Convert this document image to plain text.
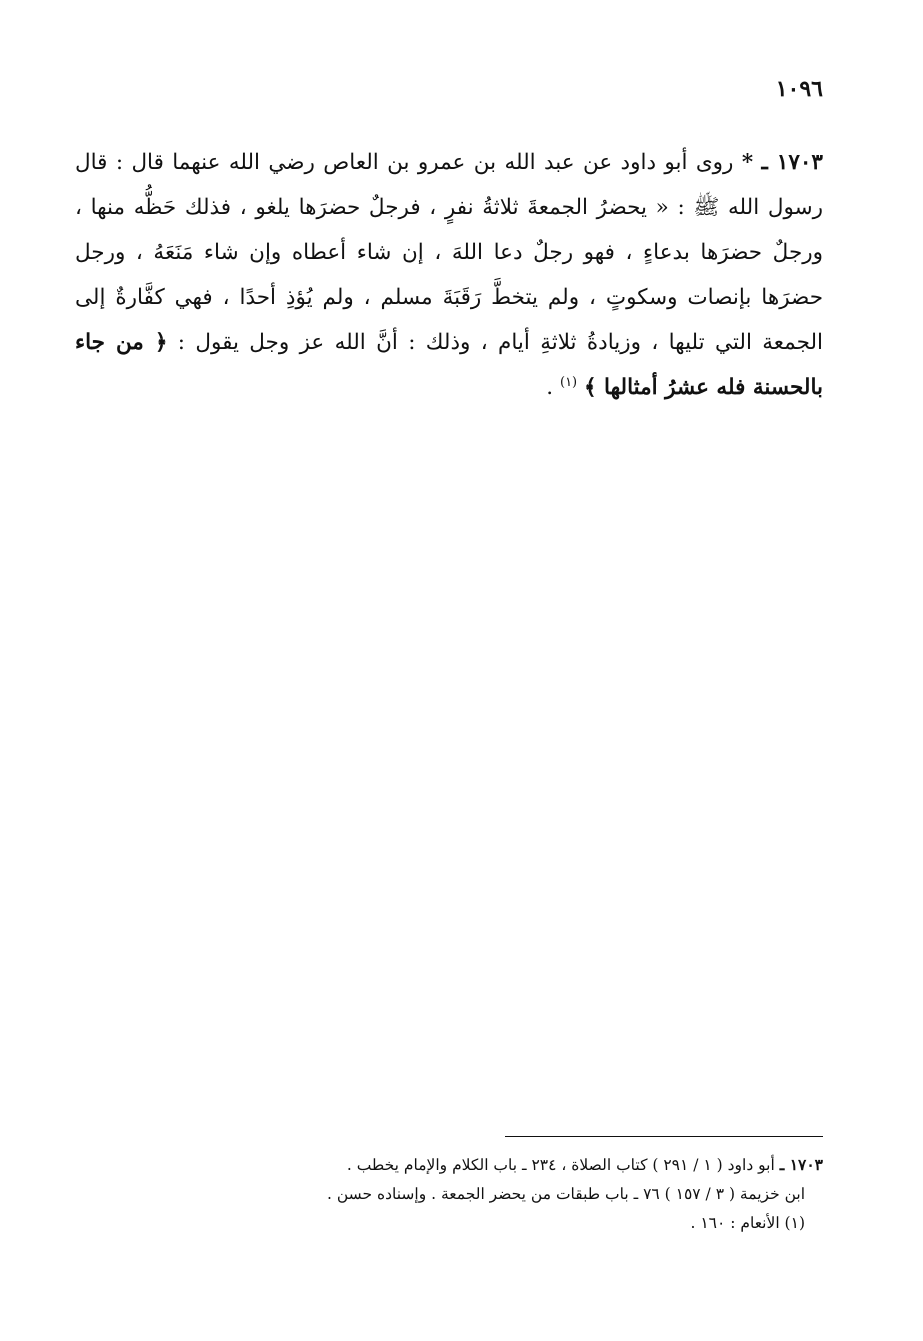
١٠٩٦
١٧٠٣ ـ * روى أبو داود عن عبد الله بن عمرو بن العاص رضي الله عنهما قال : قال رسول الله ﷺ : « يحضرُ الجمعةَ ثلاثةُ نفرٍ ، فرجلٌ حضرَها يلغو ، فذلك حَظُّه منها ، ورجلٌ حضرَها بدعاءٍ ، فهو رجلٌ دعا اللهَ ، إن شاء أعطاه وإن شاء مَنَعَهُ ، ورجل حضرَها بإنصات وسكوتٍ ، ولم يتخطَّ رَقَبَةَ مسلم ، ولم يُؤذِ أحدًا ، فهي كفَّارةٌ إلى الجمعة التي تليها ، وزيادةُ ثلاثةِ أيام ، وذلك : أنَّ الله عز وجل يقول : ﴿ من جاء بالحسنة فله عشرُ أمثالها ﴾ $^{(١)}$ .
١٧٠٣ ـ أبو داود ( ١ / ٢٩١ ) كتاب الصلاة ، ٢٣٤ ـ باب الكلام والإمام يخطب .
ابن خزيمة ( ٣ / ١٥٧ ) ٧٦ ـ باب طبقات من يحضر الجمعة . وإسناده حسن .
(١) الأنعام : ١٦٠ .
